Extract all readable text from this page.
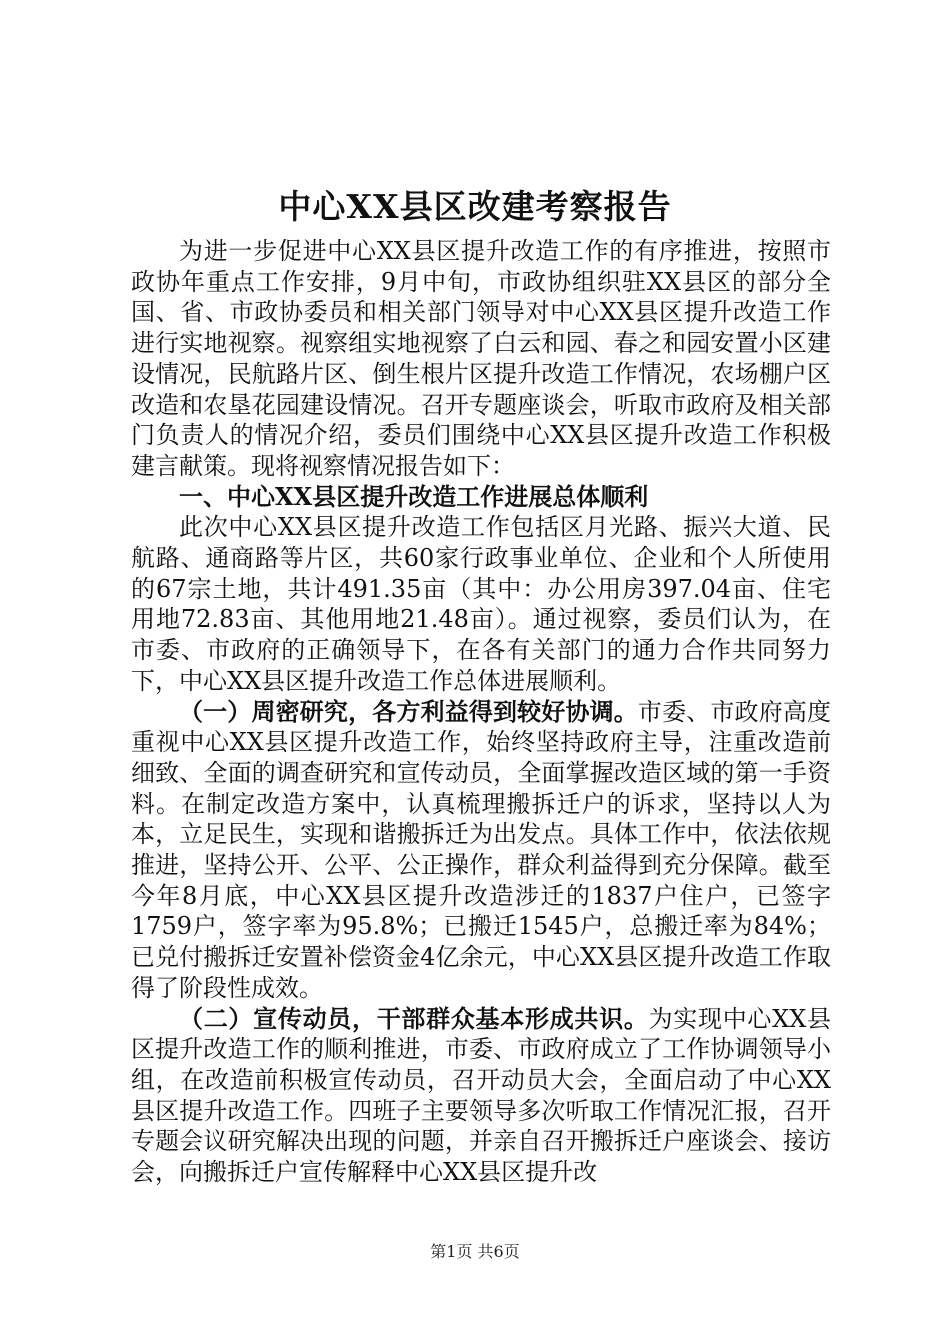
中心XX县区改建考察报告

为进一步促进中心XX县区提升改造工作的有序推进，按照市政协年重点工作安排，9月中旬，市政协组织驻XX县区的部分全国、省、市政协委员和相关部门领导对中心XX县区提升改造工作进行实地视察。视察组实地视察了白云和园、春之和园安置小区建设情况，民航路片区、倒生根片区提升改造工作情况，农场棚户区改造和农垦花园建设情况。召开专题座谈会，听取市政府及相关部门负责人的情况介绍，委员们围绕中心XX县区提升改造工作积极建言献策。现将视察情况报告如下：

一、中心XX县区提升改造工作进展总体顺利

此次中心XX县区提升改造工作包括区月光路、振兴大道、民航路、通商路等片区，共60家行政事业单位、企业和个人所使用的67宗土地，共计491.35亩（其中：办公用房397.04亩、住宅用地72.83亩、其他用地21.48亩）。通过视察，委员们认为，在市委、市政府的正确领导下，在各有关部门的通力合作共同努力下，中心XX县区提升改造工作总体进展顺利。

（一）周密研究，各方利益得到较好协调。市委、市政府高度重视中心XX县区提升改造工作，始终坚持政府主导，注重改造前细致、全面的调查研究和宣传动员，全面掌握改造区域的第一手资料。在制定改造方案中，认真梳理搬拆迁户的诉求，坚持以人为本，立足民生，实现和谐搬拆迁为出发点。具体工作中，依法依规推进，坚持公开、公平、公正操作，群众利益得到充分保障。截至今年8月底，中心XX县区提升改造涉迁的1837户住户，已签字1759户，签字率为95.8%；已搬迁1545户，总搬迁率为84%；已兑付搬拆迁安置补偿资金4亿余元，中心XX县区提升改造工作取得了阶段性成效。

（二）宣传动员，干部群众基本形成共识。为实现中心XX县区提升改造工作的顺利推进，市委、市政府成立了工作协调领导小组，在改造前积极宣传动员，召开动员大会，全面启动了中心XX县区提升改造工作。四班子主要领导多次听取工作情况汇报，召开专题会议研究解决出现的问题，并亲自召开搬拆迁户座谈会、接访会，向搬拆迁户宣传解释中心XX县区提升改

第1页 共6页
